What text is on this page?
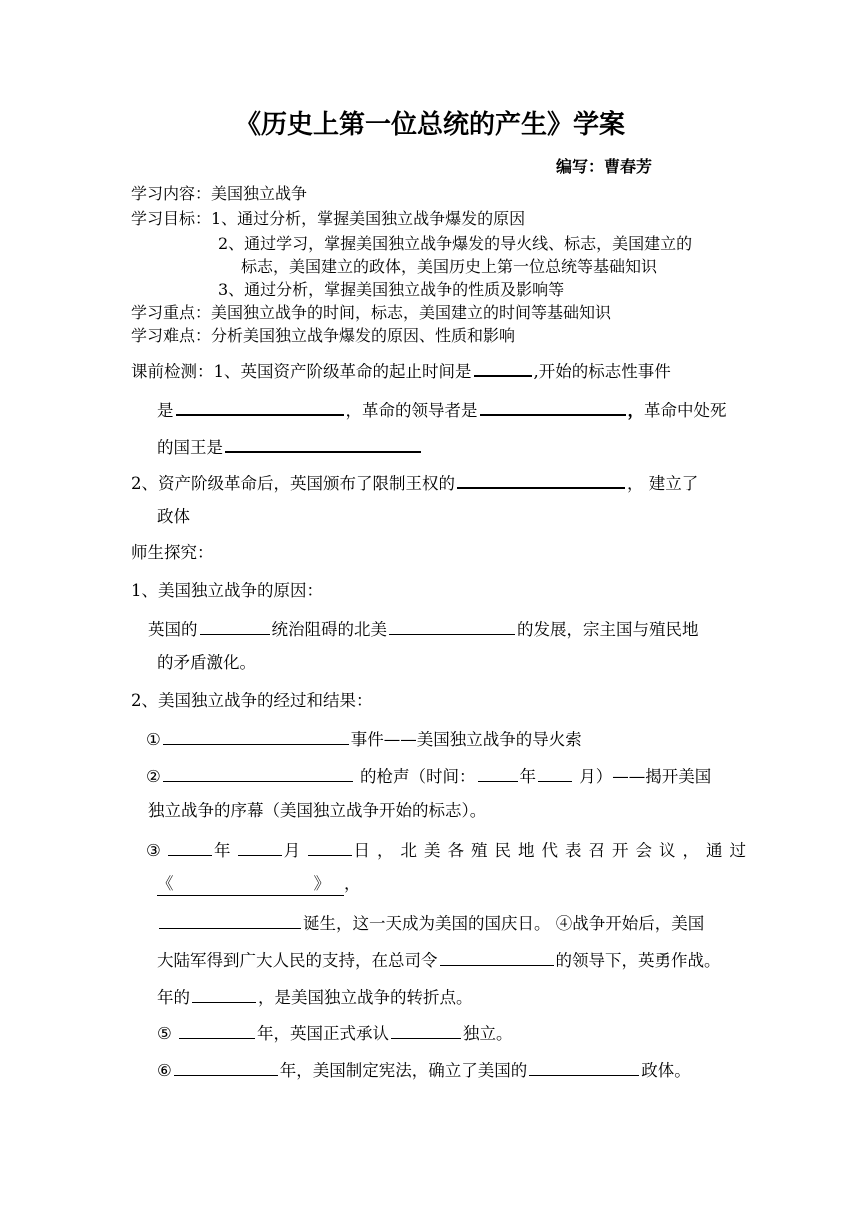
《历史上第一位总统的产生》学案
编写：曹春芳
学习内容：美国独立战争
学习目标：1、通过分析，掌握美国独立战争爆发的原因
2、通过学习，掌握美国独立战争爆发的导火线、标志，美国建立的
标志，美国建立的政体，美国历史上第一位总统等基础知识
3、通过分析，掌握美国独立战争的性质及影响等
学习重点：美国独立战争的时间，标志，美国建立的时间等基础知识
学习难点：分析美国独立战争爆发的原因、性质和影响
课前检测：1、英国资产阶级革命的起止时间是	,开始的标志性事件
是	，革命的领导者是	，革命中处死
的国王是
2、资产阶级革命后，英国颁布了限制王权的	， 建立了
政体
师生探究：
1、美国独立战争的原因：
英国的	统治阻碍的北美	的发展，宗主国与殖民地
的矛盾激化。
2、美国独立战争的经过和结果：
①	事件——美国独立战争的导火索
②	的枪声（时间：	年	月）——揭开美国
独立战争的序幕（美国独立战争开始的标志）。
③	年	月	日，北美各殖民地代表召开会议，通过
《	》 ，
诞生，这一天成为美国的国庆日。 ④战争开始后，美国
大陆军得到广大人民的支持，在总司令	的领导下，英勇作战。
年的	，是美国独立战争的转折点。
⑤	年，英国正式承认	独立。
⑥	年，美国制定宪法，确立了美国的	政体。
